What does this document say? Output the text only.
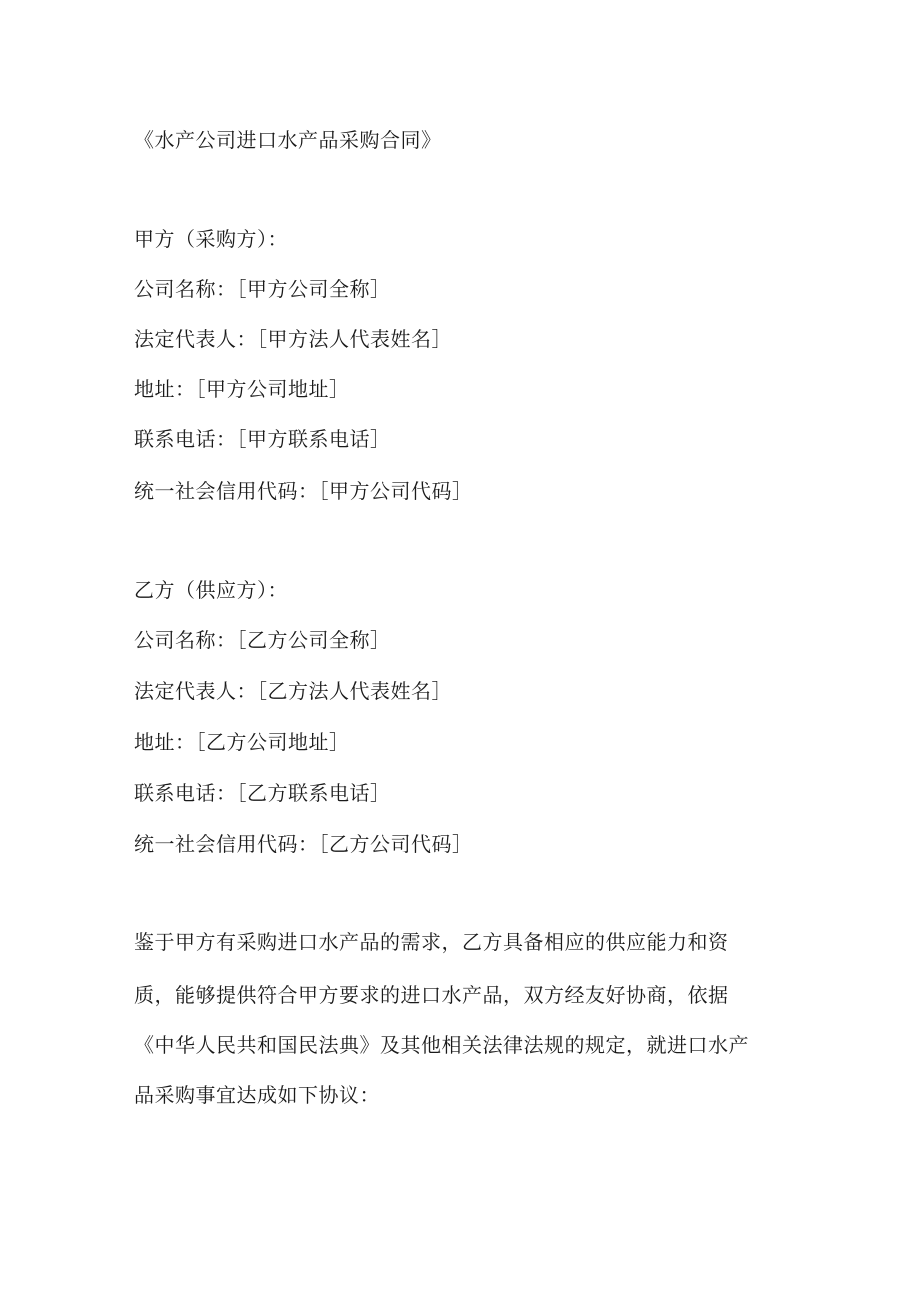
《水产公司进口水产品采购合同》
甲方（采购方）：
公司名称：［甲方公司全称］
法定代表人：［甲方法人代表姓名］
地址：［甲方公司地址］
联系电话：［甲方联系电话］
统一社会信用代码：［甲方公司代码］
乙方（供应方）：
公司名称：［乙方公司全称］
法定代表人：［乙方法人代表姓名］
地址：［乙方公司地址］
联系电话：［乙方联系电话］
统一社会信用代码：［乙方公司代码］
鉴于甲方有采购进口水产品的需求，乙方具备相应的供应能力和资
质，能够提供符合甲方要求的进口水产品，双方经友好协商，依据
《中华人民共和国民法典》及其他相关法律法规的规定，就进口水产
品采购事宜达成如下协议：
